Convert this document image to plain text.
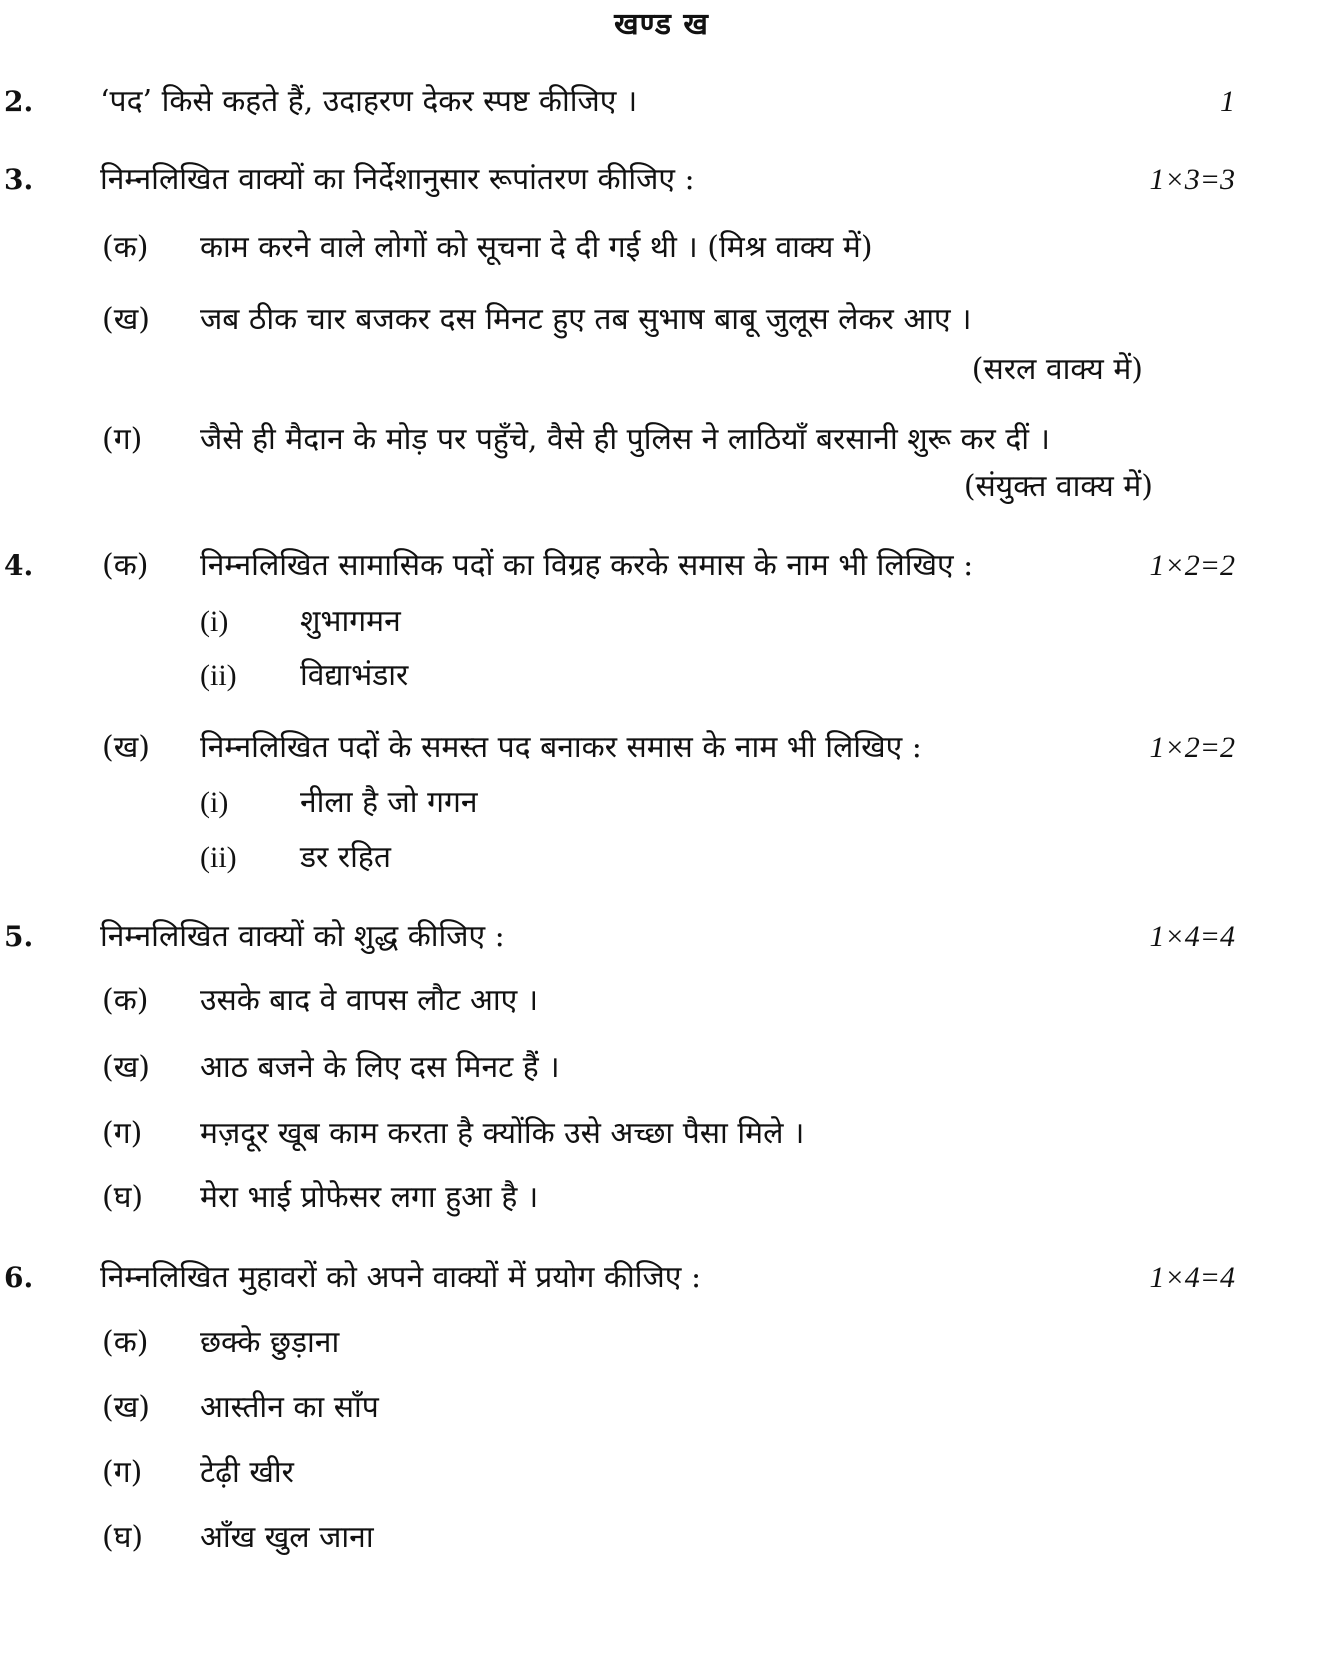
खण्ड ख
2. ‘पद’ किसे कहते हैं, उदाहरण देकर स्पष्ट कीजिए ।	1
3. निम्नलिखित वाक्यों का निर्देशानुसार रूपांतरण कीजिए :	1×3=3
(क)	काम करने वाले लोगों को सूचना दे दी गई थी । (मिश्र वाक्य में)
(ख)	जब ठीक चार बजकर दस मिनट हुए तब सुभाष बाबू जुलूस लेकर आए ।
(सरल वाक्य में)
(ग)	जैसे ही मैदान के मोड़ पर पहुँचे, वैसे ही पुलिस ने लाठियाँ बरसानी शुरू कर दीं ।
(संयुक्त वाक्य में)
4. (क)	निम्नलिखित सामासिक पदों का विग्रह करके समास के नाम भी लिखिए :	1×2=2
(i) शुभागमन
(ii) विद्याभंडार
(ख)	निम्नलिखित पदों के समस्त पद बनाकर समास के नाम भी लिखिए :	1×2=2
(i) नीला है जो गगन
(ii) डर रहित
5. निम्नलिखित वाक्यों को शुद्ध कीजिए :	1×4=4
(क)	उसके बाद वे वापस लौट आए ।
(ख)	आठ बजने के लिए दस मिनट हैं ।
(ग)	मज़दूर खूब काम करता है क्योंकि उसे अच्छा पैसा मिले ।
(घ)	मेरा भाई प्रोफेसर लगा हुआ है ।
6. निम्नलिखित मुहावरों को अपने वाक्यों में प्रयोग कीजिए :	1×4=4
(क)	छक्के छुड़ाना
(ख)	आस्तीन का साँप
(ग)	टेढ़ी खीर
(घ)	आँख खुल जाना
